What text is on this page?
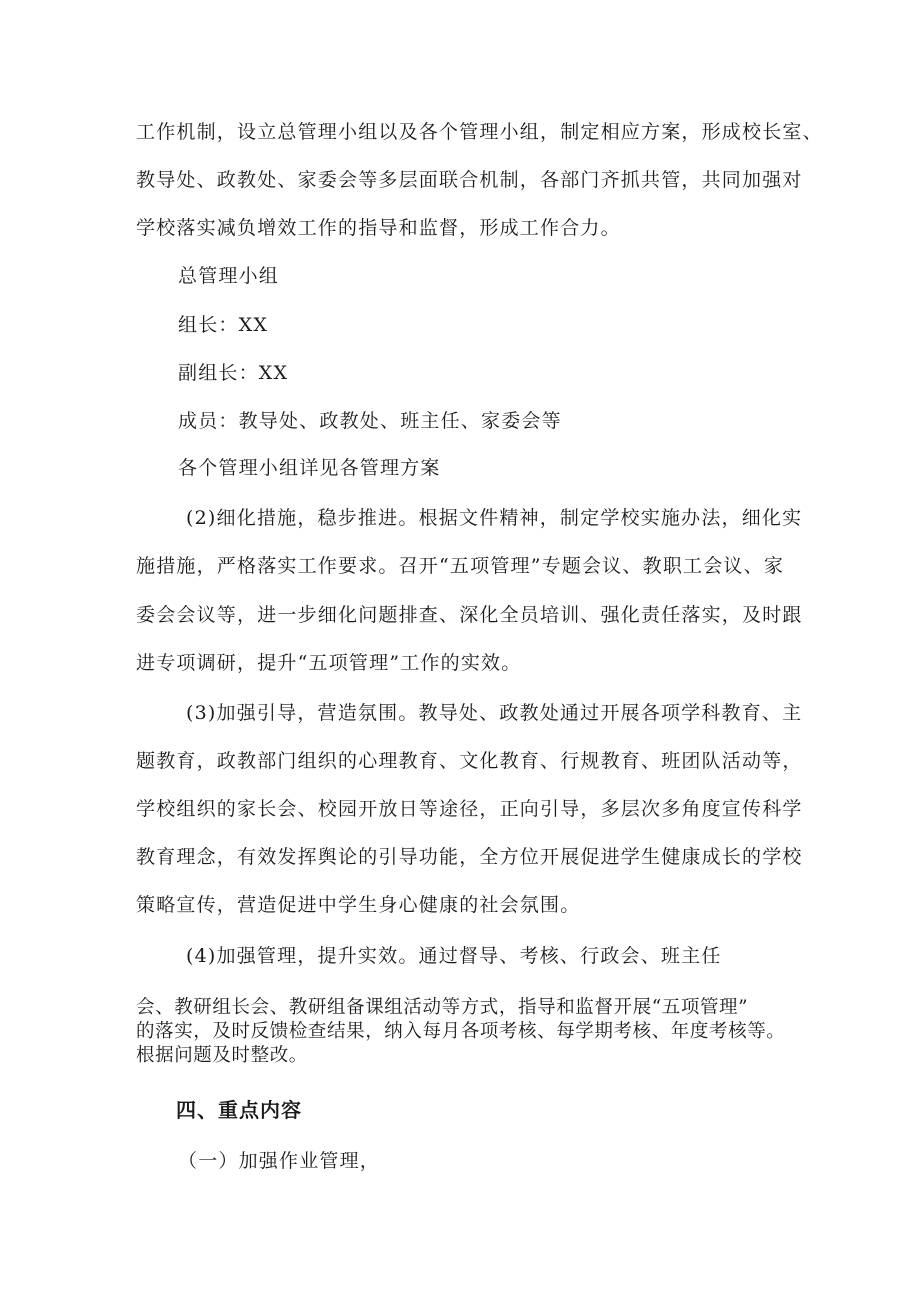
工作机制，设立总管理小组以及各个管理小组，制定相应方案，形成校长室、
教导处、政教处、家委会等多层面联合机制，各部门齐抓共管，共同加强对
学校落实减负增效工作的指导和监督，形成工作合力。
总管理小组
组长：XX
副组长：XX
成员：教导处、政教处、班主任、家委会等
各个管理小组详见各管理方案
(2)细化措施，稳步推进。根据文件精神，制定学校实施办法，细化实
施措施，严格落实工作要求。召开“五项管理”专题会议、教职工会议、家
委会会议等，进一步细化问题排查、深化全员培训、强化责任落实，及时跟
进专项调研，提升“五项管理”工作的实效。
(3)加强引导，营造氛围。教导处、政教处通过开展各项学科教育、主
题教育，政教部门组织的心理教育、文化教育、行规教育、班团队活动等，
学校组织的家长会、校园开放日等途径，正向引导，多层次多角度宣传科学
教育理念，有效发挥舆论的引导功能，全方位开展促进学生健康成长的学校
策略宣传，营造促进中学生身心健康的社会氛围。
(4)加强管理，提升实效。通过督导、考核、行政会、班主任
会、教研组长会、教研组备课组活动等方式，指导和监督开展“五项管理”
的落实，及时反馈检查结果，纳入每月各项考核、每学期考核、年度考核等。
根据问题及时整改。
四、重点内容
（一）加强作业管理，
